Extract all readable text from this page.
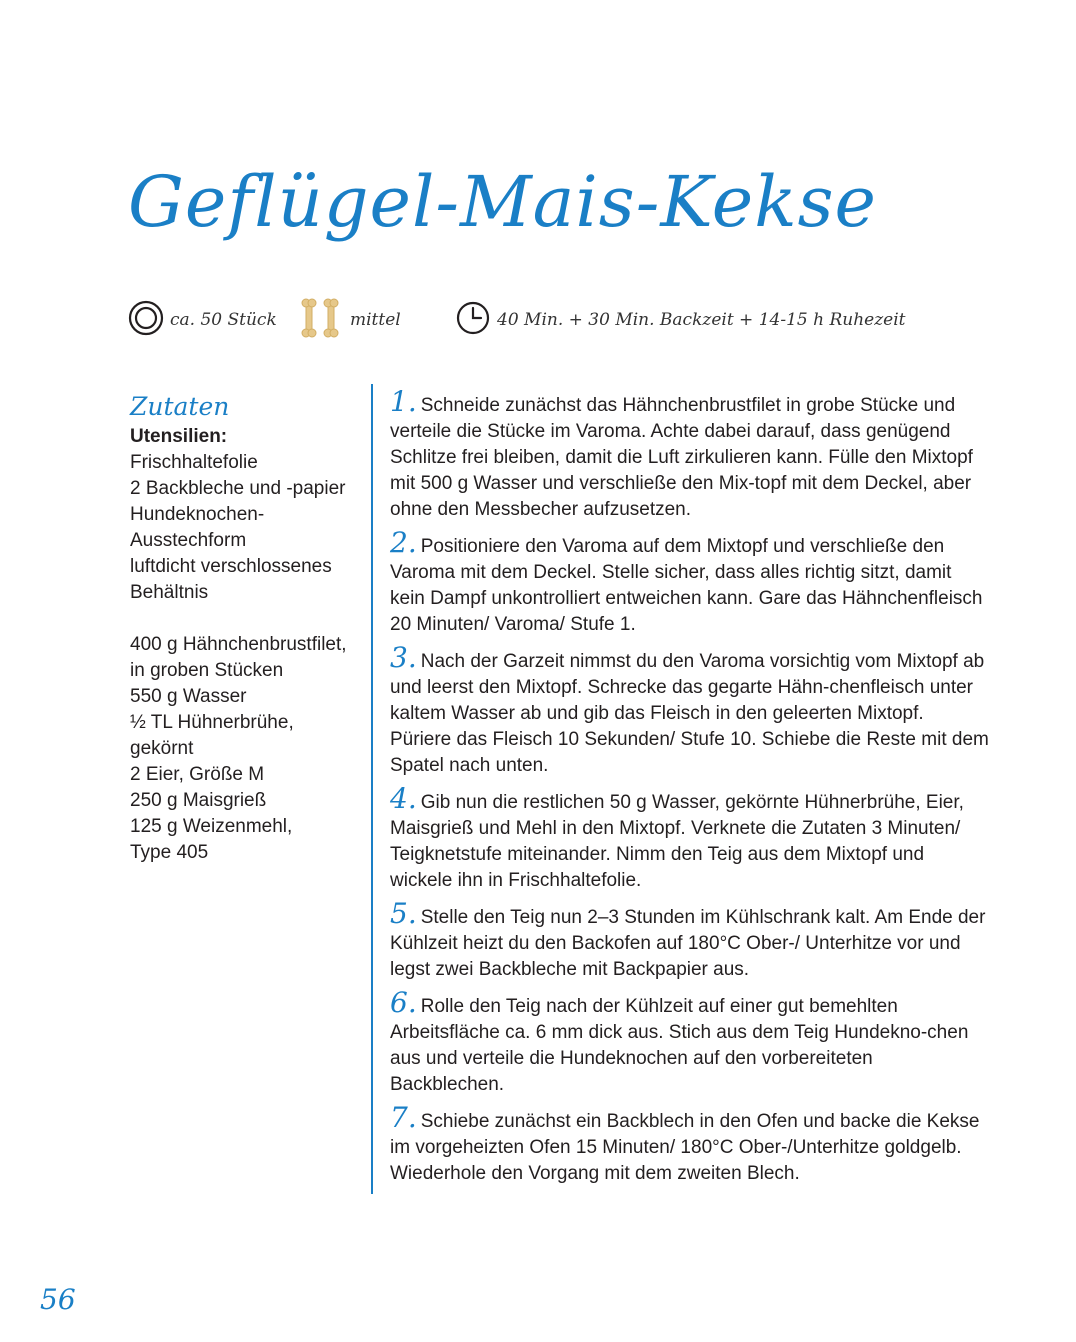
Geflügel-Mais-Kekse
ca. 50 Stück	mittel	40 Min. + 30 Min. Backzeit + 14-15 h Ruhezeit
Zutaten
Utensilien:
Frischhaltefolie
2 Backbleche und -papier
Hundeknochen-
Ausstechform
luftdicht verschlossenes
Behältnis
400 g Hähnchenbrustfilet,
in groben Stücken
550 g Wasser
½ TL Hühnerbrühe,
gekörnt
2 Eier, Größe M
250 g Maisgrieß
125 g Weizenmehl,
Type 405
1. Schneide zunächst das Hähnchenbrustfilet in grobe Stücke und verteile die Stücke im Varoma. Achte dabei darauf, dass genügend Schlitze frei bleiben, damit die Luft zirkulieren kann. Fülle den Mixtopf mit 500 g Wasser und verschließe den Mix-topf mit dem Deckel, aber ohne den Messbecher aufzusetzen.
2. Positioniere den Varoma auf dem Mixtopf und verschließe den Varoma mit dem Deckel. Stelle sicher, dass alles richtig sitzt, damit kein Dampf unkontrolliert entweichen kann. Gare das Hähnchenfleisch 20 Minuten/ Varoma/ Stufe 1.
3. Nach der Garzeit nimmst du den Varoma vorsichtig vom Mixtopf ab und leerst den Mixtopf. Schrecke das gegarte Hähn-chenfleisch unter kaltem Wasser ab und gib das Fleisch in den geleerten Mixtopf. Püriere das Fleisch 10 Sekunden/ Stufe 10. Schiebe die Reste mit dem Spatel nach unten.
4. Gib nun die restlichen 50 g Wasser, gekörnte Hühnerbrühe, Eier, Maisgrieß und Mehl in den Mixtopf. Verknete die Zutaten 3 Minuten/ Teigknetstufe miteinander. Nimm den Teig aus dem Mixtopf und wickele ihn in Frischhaltefolie.
5. Stelle den Teig nun 2–3 Stunden im Kühlschrank kalt. Am Ende der Kühlzeit heizt du den Backofen auf 180°C Ober-/ Unterhitze vor und legst zwei Backbleche mit Backpapier aus.
6. Rolle den Teig nach der Kühlzeit auf einer gut bemehlten Arbeitsfläche ca. 6 mm dick aus. Stich aus dem Teig Hundekno-chen aus und verteile die Hundeknochen auf den vorbereiteten Backblechen.
7. Schiebe zunächst ein Backblech in den Ofen und backe die Kekse im vorgeheizten Ofen 15 Minuten/ 180°C Ober-/Unterhitze goldgelb. Wiederhole den Vorgang mit dem zweiten Blech.
56
